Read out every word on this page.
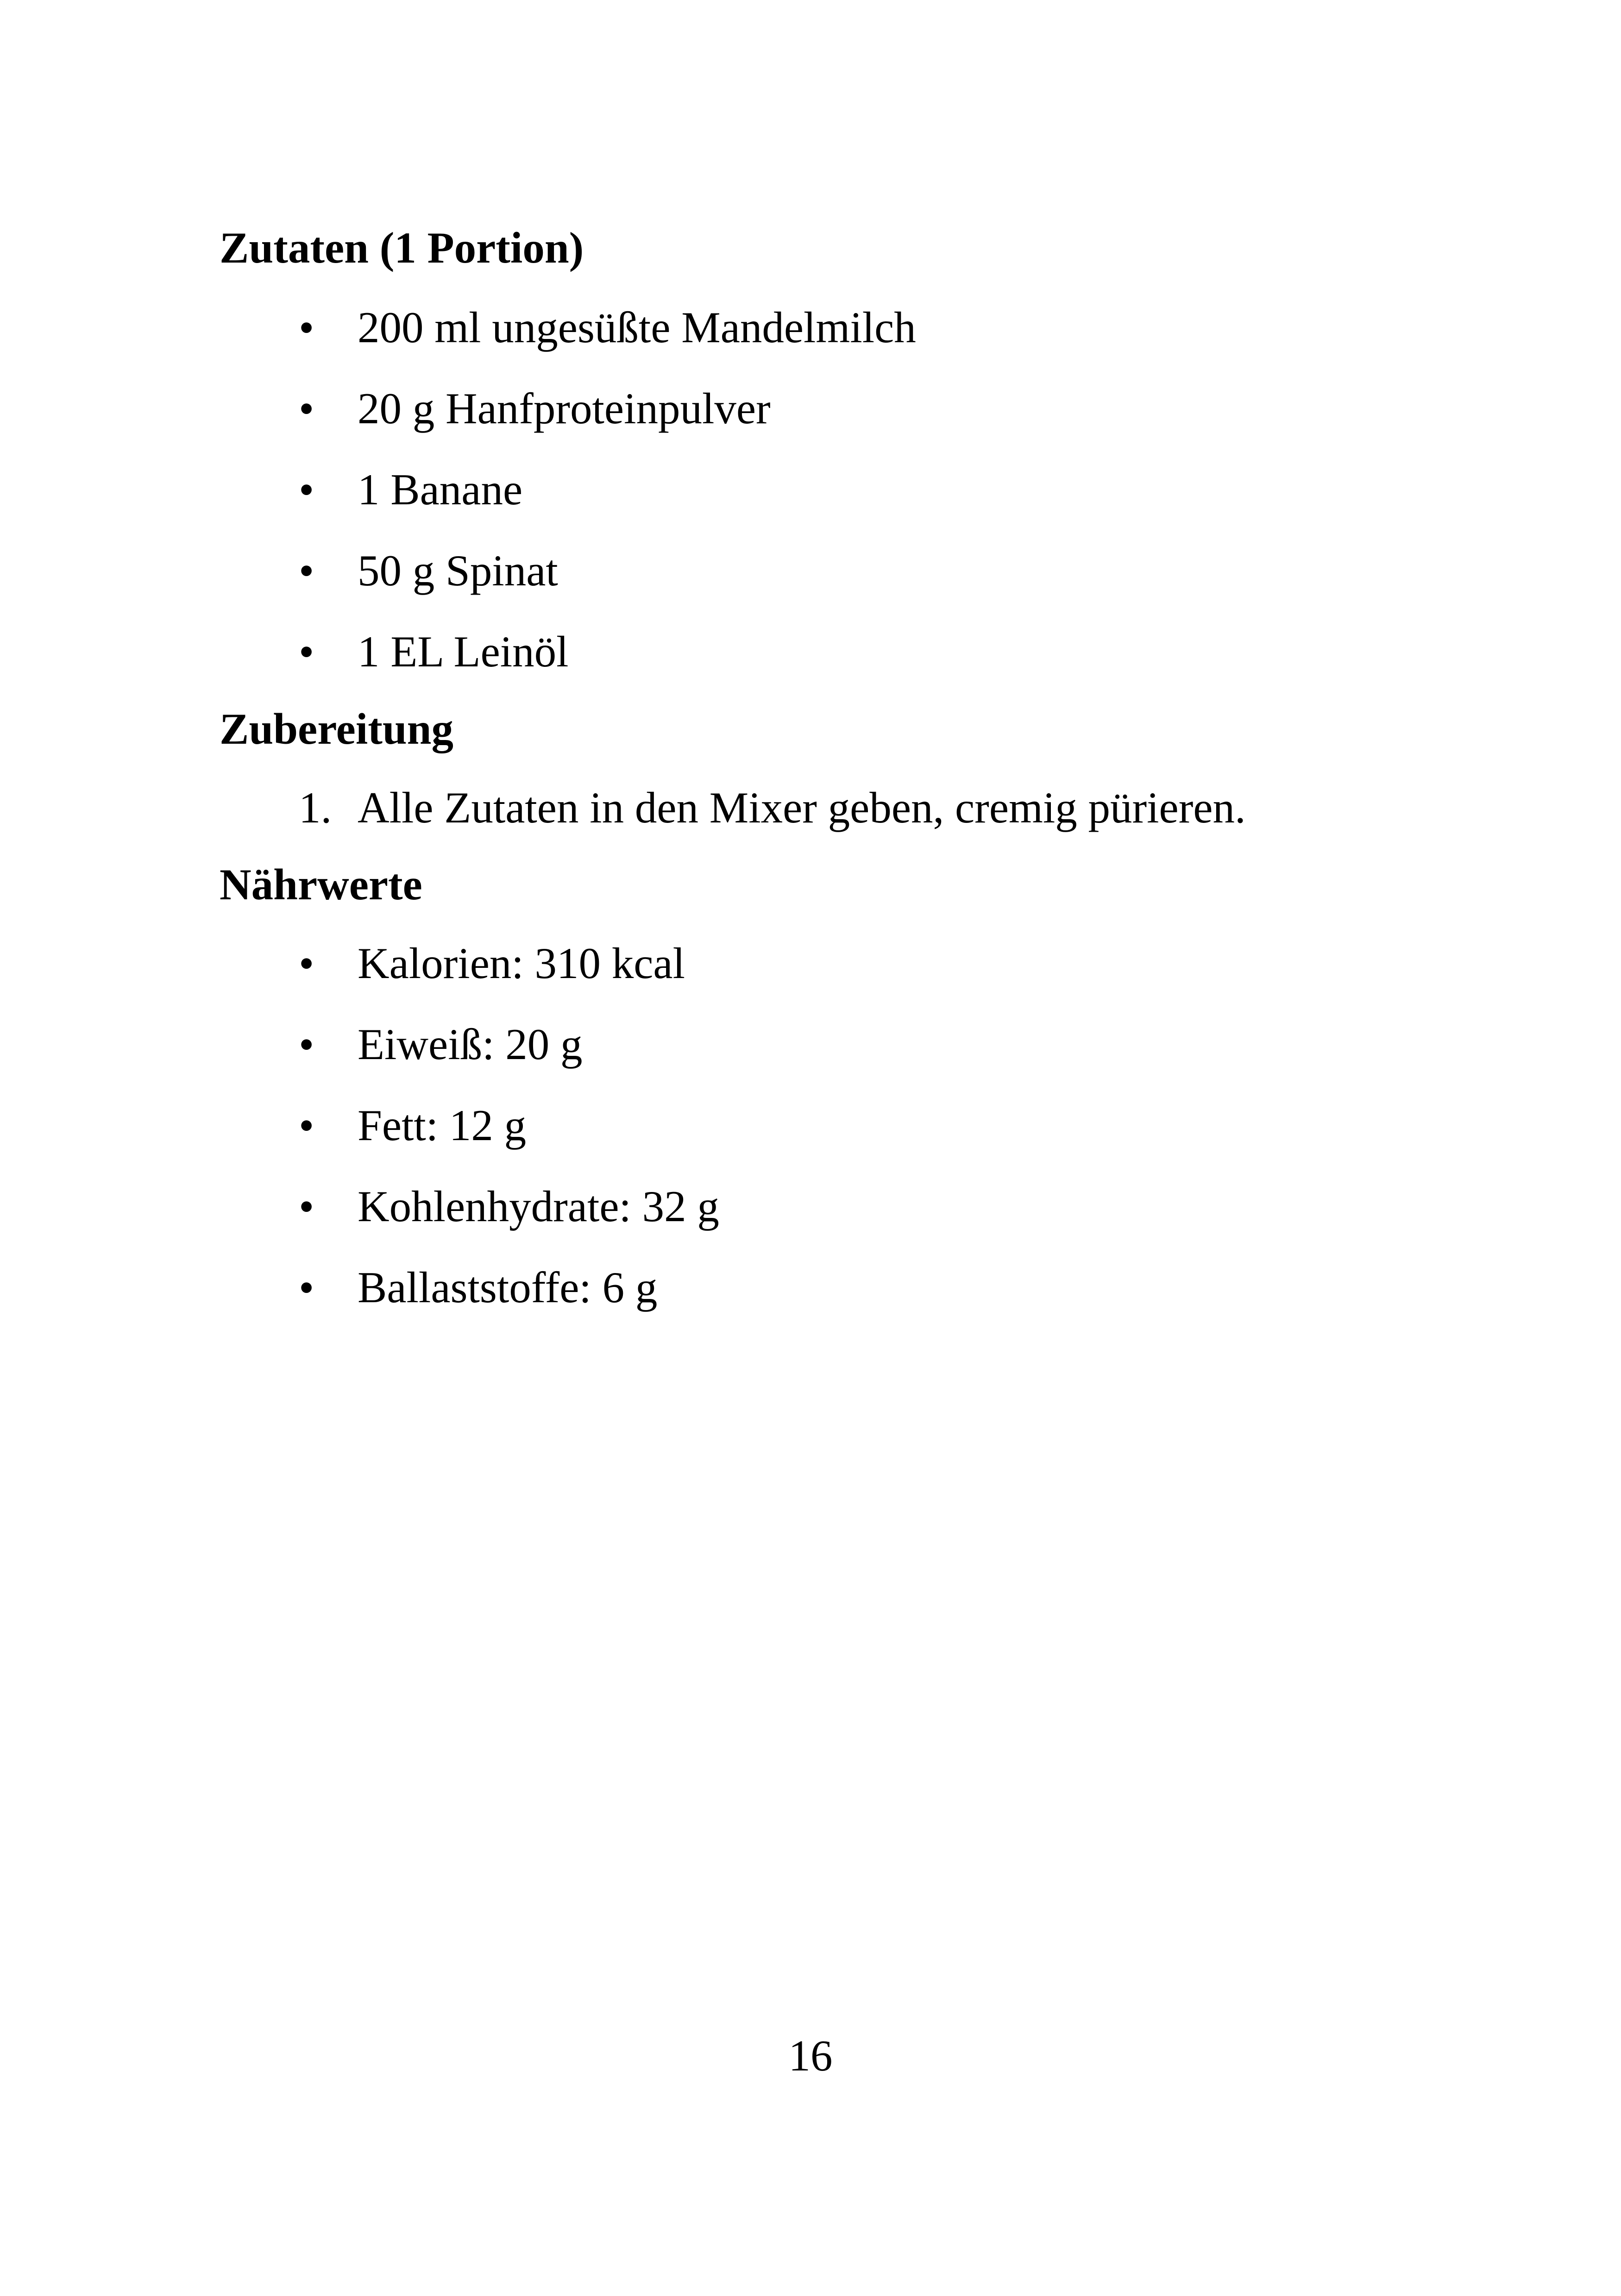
Zutaten (1 Portion)
• 200 ml ungesüßte Mandelmilch
• 20 g Hanfproteinpulver
• 1 Banane
• 50 g Spinat
• 1 EL Leinöl
Zubereitung
1. Alle Zutaten in den Mixer geben, cremig pürieren.
Nährwerte
• Kalorien: 310 kcal
• Eiweiß: 20 g
• Fett: 12 g
• Kohlenhydrate: 32 g
• Ballaststoffe: 6 g
16
